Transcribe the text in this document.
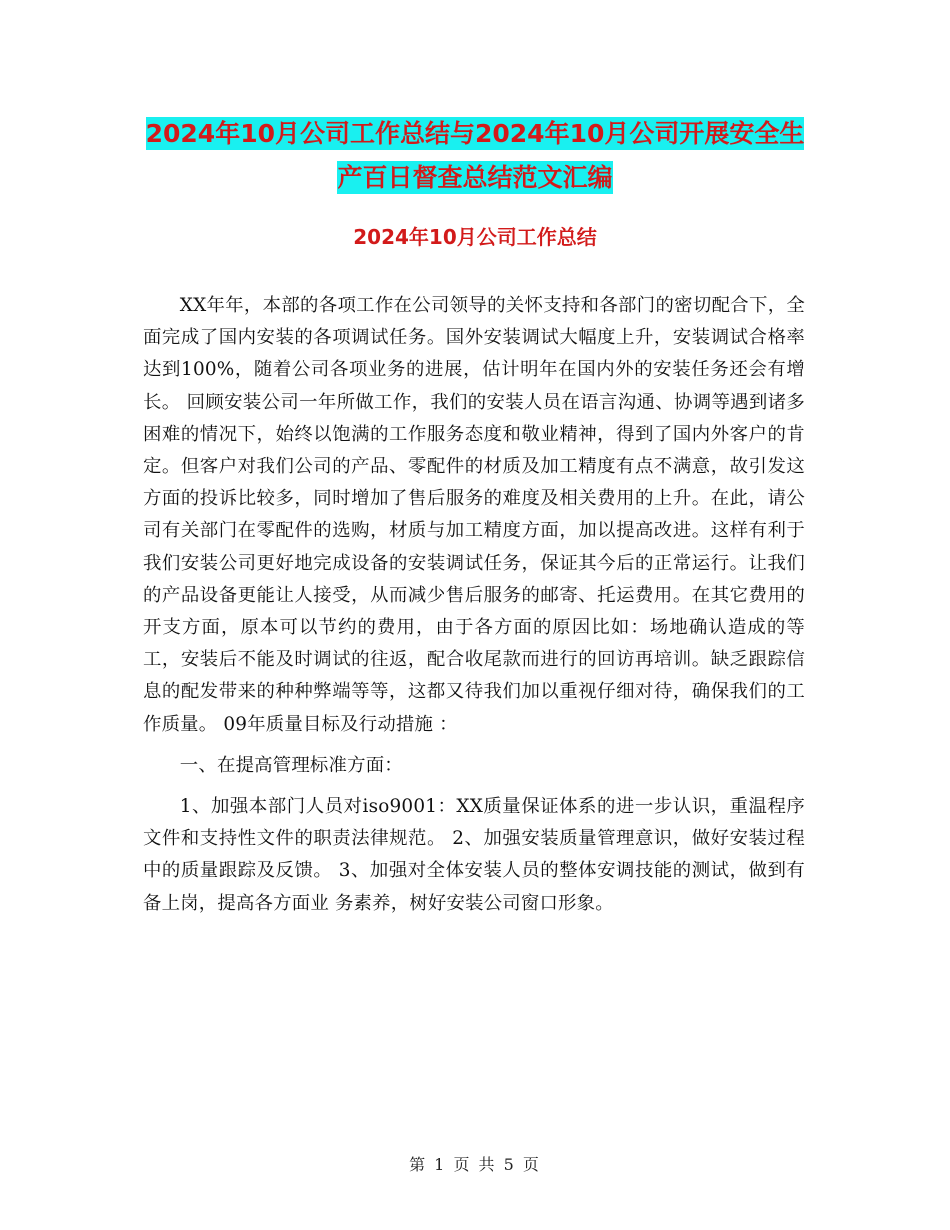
2024年10月公司工作总结与2024年10月公司开展安全生产百日督查总结范文汇编
2024年10月公司工作总结

XX年年，本部的各项工作在公司领导的关怀支持和各部门的密切配合下，全面完成了国内安装的各项调试任务。国外安装调试大幅度上升，安装调试合格率达到100%，随着公司各项业务的进展，估计明年在国内外的安装任务还会有增长。 回顾安装公司一年所做工作，我们的安装人员在语言沟通、协调等遇到诸多困难的情况下，始终以饱满的工作服务态度和敬业精神，得到了国内外客户的肯定。但客户对我们公司的产品、零配件的材质及加工精度有点不满意，故引发这方面的投诉比较多，同时增加了售后服务的难度及相关费用的上升。在此，请公司有关部门在零配件的选购，材质与加工精度方面，加以提高改进。这样有利于我们安装公司更好地完成设备的安装调试任务，保证其今后的正常运行。让我们的产品设备更能让人接受，从而减少售后服务的邮寄、托运费用。在其它费用的开支方面，原本可以节约的费用，由于各方面的原因比如：场地确认造成的等工，安装后不能及时调试的往返，配合收尾款而进行的回访再培训。缺乏跟踪信息的配发带来的种种弊端等等，这都又待我们加以重视仔细对待，确保我们的工作质量。 09年质量目标及行动措施 ：

一、在提高管理标准方面：

1、加强本部门人员对iso9001：XX质量保证体系的进一步认识，重温程序 文件和支持性文件的职责法律规范。 2、加强安装质量管理意识，做好安装过程中的质量跟踪及反馈。 3、加强对全体安装人员的整体安调技能的测试，做到有备上岗，提高各方面业 务素养，树好安装公司窗口形象。

第 1 页 共 5 页
